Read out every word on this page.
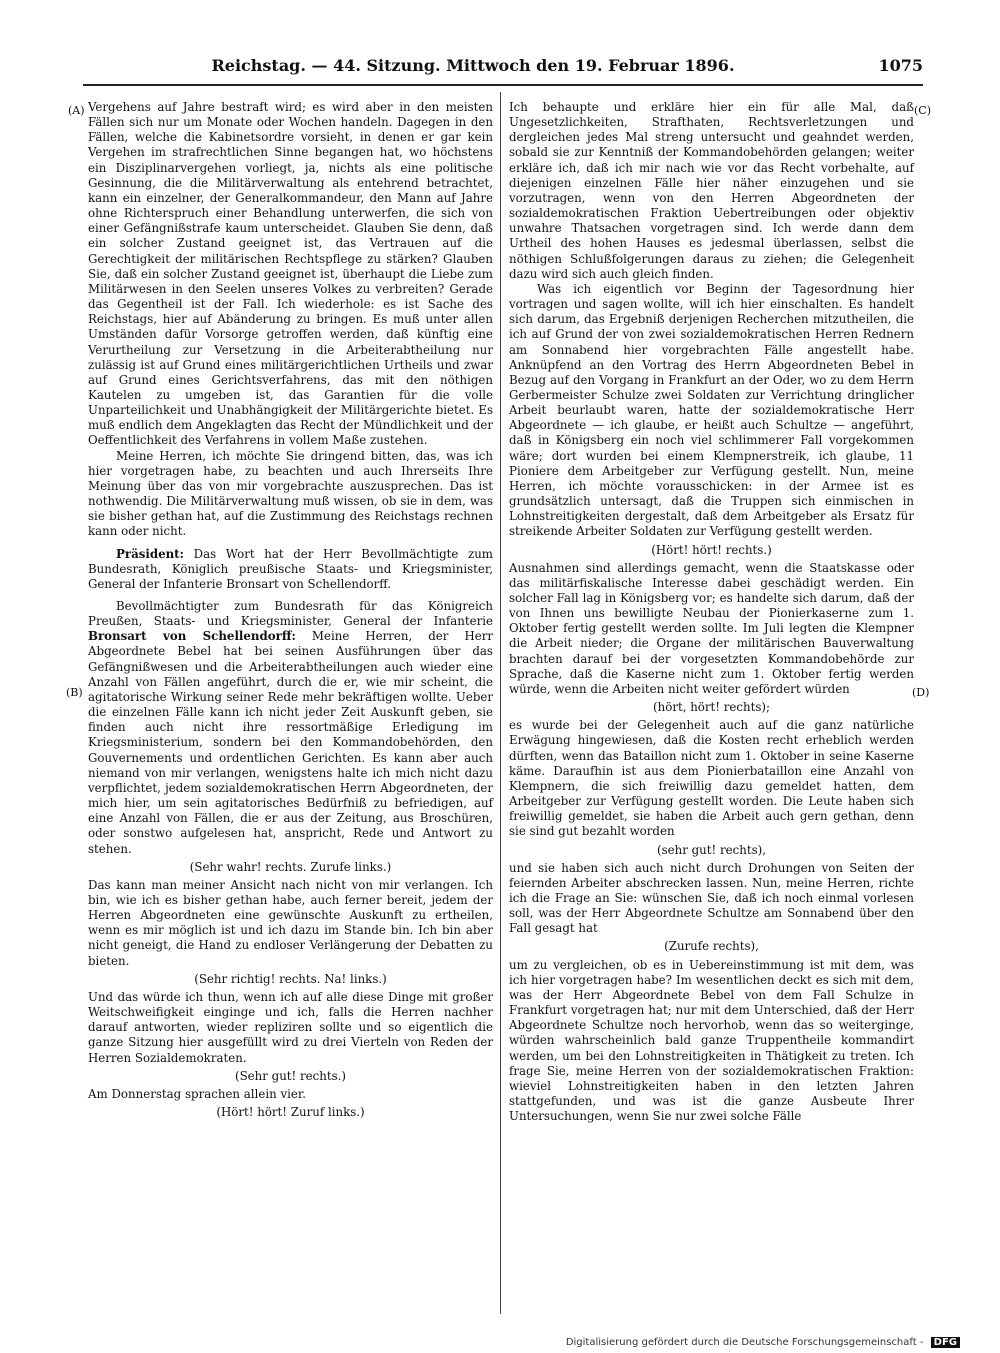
Reichstag. — 44. Sitzung. Mittwoch den 19. Februar 1896.	1075
(A)
(B)
(C)
(D)

Vergehens auf Jahre bestraft wird; es wird aber in den meisten Fällen sich nur um Monate oder Wochen handeln. Dagegen in den Fällen, welche die Kabinetsordre vorsieht, in denen er gar kein Vergehen im strafrechtlichen Sinne begangen hat, wo höchstens ein Disziplinarvergehen vorliegt, ja, nichts als eine politische Gesinnung, die die Militärverwaltung als entehrend betrachtet, kann ein einzelner, der Generalkommandeur, den Mann auf Jahre ohne Richterspruch einer Behandlung unterwerfen, die sich von einer Gefängnißstrafe kaum unterscheidet. Glauben Sie denn, daß ein solcher Zustand geeignet ist, das Vertrauen auf die Gerechtigkeit der militärischen Rechtspflege zu stärken? Glauben Sie, daß ein solcher Zustand geeignet ist, überhaupt die Liebe zum Militärwesen in den Seelen unseres Volkes zu verbreiten? Gerade das Gegentheil ist der Fall. Ich wiederhole: es ist Sache des Reichstags, hier auf Abänderung zu bringen. Es muß unter allen Umständen dafür Vorsorge getroffen werden, daß künftig eine Verurtheilung zur Versetzung in die Arbeiterabtheilung nur zulässig ist auf Grund eines militärgerichtlichen Urtheils und zwar auf Grund eines Gerichtsverfahrens, das mit den nöthigen Kautelen zu umgeben ist, das Garantien für die volle Unparteilichkeit und Unabhängigkeit der Militärgerichte bietet. Es muß endlich dem Angeklagten das Recht der Mündlichkeit und der Oeffentlichkeit des Verfahrens in vollem Maße zustehen.

Meine Herren, ich möchte Sie dringend bitten, das, was ich hier vorgetragen habe, zu beachten und auch Ihrerseits Ihre Meinung über das von mir vorgebrachte auszusprechen. Das ist nothwendig. Die Militärverwaltung muß wissen, ob sie in dem, was sie bisher gethan hat, auf die Zustimmung des Reichstags rechnen kann oder nicht.

Präsident: Das Wort hat der Herr Bevollmächtigte zum Bundesrath, Königlich preußische Staats- und Kriegsminister, General der Infanterie Bronsart von Schellendorff.

Bevollmächtigter zum Bundesrath für das Königreich Preußen, Staats- und Kriegsminister, General der Infanterie Bronsart von Schellendorff: Meine Herren, der Herr Abgeordnete Bebel hat bei seinen Ausführungen über das Gefängnißwesen und die Arbeiterabtheilungen auch wieder eine Anzahl von Fällen angeführt, durch die er, wie mir scheint, die agitatorische Wirkung seiner Rede mehr bekräftigen wollte. Ueber die einzelnen Fälle kann ich nicht jeder Zeit Auskunft geben, sie finden auch nicht ihre ressortmäßige Erledigung im Kriegsministerium, sondern bei den Kommandobehörden, den Gouvernements und ordentlichen Gerichten. Es kann aber auch niemand von mir verlangen, wenigstens halte ich mich nicht dazu verpflichtet, jedem sozialdemokratischen Herrn Abgeordneten, der mich hier, um sein agitatorisches Bedürfniß zu befriedigen, auf eine Anzahl von Fällen, die er aus der Zeitung, aus Broschüren, oder sonstwo aufgelesen hat, anspricht, Rede und Antwort zu stehen.

(Sehr wahr! rechts. Zurufe links.)

Das kann man meiner Ansicht nach nicht von mir verlangen. Ich bin, wie ich es bisher gethan habe, auch ferner bereit, jedem der Herren Abgeordneten eine gewünschte Auskunft zu ertheilen, wenn es mir möglich ist und ich dazu im Stande bin. Ich bin aber nicht geneigt, die Hand zu endloser Verlängerung der Debatten zu bieten.

(Sehr richtig! rechts. Na! links.)

Und das würde ich thun, wenn ich auf alle diese Dinge mit großer Weitschweifigkeit einginge und ich, falls die Herren nachher darauf antworten, wieder repliziren sollte und so eigentlich die ganze Sitzung hier ausgefüllt wird zu drei Vierteln von Reden der Herren Sozialdemokraten.

(Sehr gut! rechts.)

Am Donnerstag sprachen allein vier.

(Hört! hört! Zuruf links.)

Ich behaupte und erkläre hier ein für alle Mal, daß Ungesetzlichkeiten, Strafthaten, Rechtsverletzungen und dergleichen jedes Mal streng untersucht und geahndet werden, sobald sie zur Kenntniß der Kommandobehörden gelangen; weiter erkläre ich, daß ich mir nach wie vor das Recht vorbehalte, auf diejenigen einzelnen Fälle hier näher einzugehen und sie vorzutragen, wenn von den Herren Abgeordneten der sozialdemokratischen Fraktion Uebertreibungen oder objektiv unwahre Thatsachen vorgetragen sind. Ich werde dann dem Urtheil des hohen Hauses es jedesmal überlassen, selbst die nöthigen Schlußfolgerungen daraus zu ziehen; die Gelegenheit dazu wird sich auch gleich finden.

Was ich eigentlich vor Beginn der Tagesordnung hier vortragen und sagen wollte, will ich hier einschalten. Es handelt sich darum, das Ergebniß derjenigen Recherchen mitzutheilen, die ich auf Grund der von zwei sozialdemokratischen Herren Rednern am Sonnabend hier vorgebrachten Fälle angestellt habe. Anknüpfend an den Vortrag des Herrn Abgeordneten Bebel in Bezug auf den Vorgang in Frankfurt an der Oder, wo zu dem Herrn Gerbermeister Schulze zwei Soldaten zur Verrichtung dringlicher Arbeit beurlaubt waren, hatte der sozialdemokratische Herr Abgeordnete — ich glaube, er heißt auch Schultze — angeführt, daß in Königsberg ein noch viel schlimmerer Fall vorgekommen wäre; dort wurden bei einem Klempnerstreik, ich glaube, 11 Pioniere dem Arbeitgeber zur Verfügung gestellt. Nun, meine Herren, ich möchte vorausschicken: in der Armee ist es grundsätzlich untersagt, daß die Truppen sich einmischen in Lohnstreitigkeiten dergestalt, daß dem Arbeitgeber als Ersatz für streikende Arbeiter Soldaten zur Verfügung gestellt werden.

(Hört! hört! rechts.)

Ausnahmen sind allerdings gemacht, wenn die Staatskasse oder das militärfiskalische Interesse dabei geschädigt werden. Ein solcher Fall lag in Königsberg vor; es handelte sich darum, daß der von Ihnen uns bewilligte Neubau der Pionierkaserne zum 1. Oktober fertig gestellt werden sollte. Im Juli legten die Klempner die Arbeit nieder; die Organe der militärischen Bauverwaltung brachten darauf bei der vorgesetzten Kommandobehörde zur Sprache, daß die Kaserne nicht zum 1. Oktober fertig werden würde, wenn die Arbeiten nicht weiter gefördert würden

(hört, hört! rechts);

es wurde bei der Gelegenheit auch auf die ganz natürliche Erwägung hingewiesen, daß die Kosten recht erheblich werden dürften, wenn das Bataillon nicht zum 1. Oktober in seine Kaserne käme. Daraufhin ist aus dem Pionierbataillon eine Anzahl von Klempnern, die sich freiwillig dazu gemeldet hatten, dem Arbeitgeber zur Verfügung gestellt worden. Die Leute haben sich freiwillig gemeldet, sie haben die Arbeit auch gern gethan, denn sie sind gut bezahlt worden

(sehr gut! rechts),

und sie haben sich auch nicht durch Drohungen von Seiten der feiernden Arbeiter abschrecken lassen. Nun, meine Herren, richte ich die Frage an Sie: wünschen Sie, daß ich noch einmal vorlesen soll, was der Herr Abgeordnete Schultze am Sonnabend über den Fall gesagt hat

(Zurufe rechts),

um zu vergleichen, ob es in Uebereinstimmung ist mit dem, was ich hier vorgetragen habe? Im wesentlichen deckt es sich mit dem, was der Herr Abgeordnete Bebel von dem Fall Schulze in Frankfurt vorgetragen hat; nur mit dem Unterschied, daß der Herr Abgeordnete Schultze noch hervorhob, wenn das so weiterginge, würden wahrscheinlich bald ganze Truppentheile kommandirt werden, um bei den Lohnstreitigkeiten in Thätigkeit zu treten. Ich frage Sie, meine Herren von der sozialdemokratischen Fraktion: wieviel Lohnstreitigkeiten haben in den letzten Jahren stattgefunden, und was ist die ganze Ausbeute Ihrer Untersuchungen, wenn Sie nur zwei solche Fälle

Digitalisierung gefördert durch die Deutsche Forschungsgemeinschaft - DFG
